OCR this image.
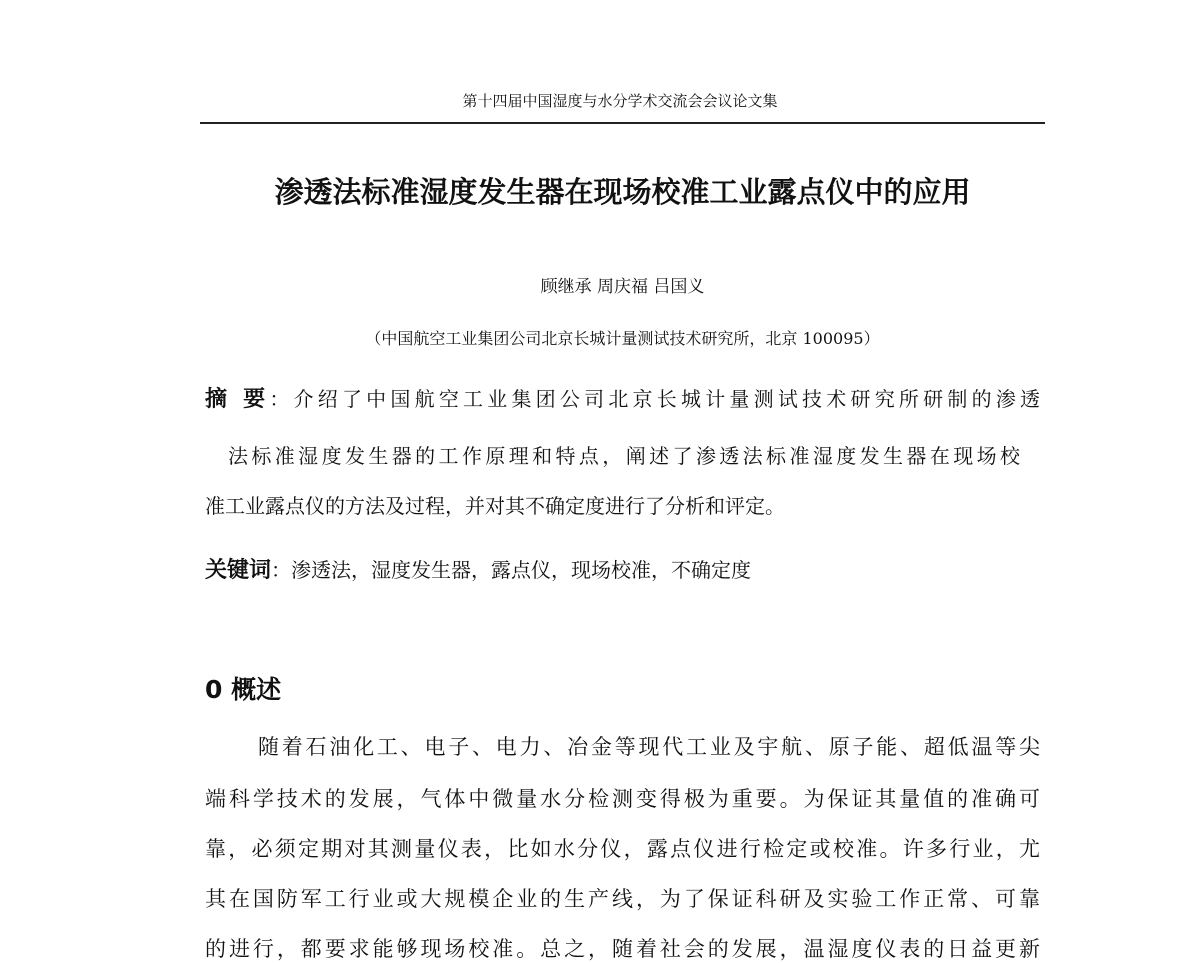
第十四届中国湿度与水分学术交流会会议论文集
渗透法标准湿度发生器在现场校准工业露点仪中的应用
顾继承 周庆福 吕国义
（中国航空工业集团公司北京长城计量测试技术研究所，北京 100095）
摘 要：介绍了中国航空工业集团公司北京长城计量测试技术研究所研制的渗透
法标准湿度发生器的工作原理和特点，阐述了渗透法标准湿度发生器在现场校
准工业露点仪的方法及过程，并对其不确定度进行了分析和评定。
关键词：渗透法，湿度发生器，露点仪，现场校准，不确定度
0 概述
随着石油化工、电子、电力、冶金等现代工业及宇航、原子能、超低温等尖
端科学技术的发展，气体中微量水分检测变得极为重要。为保证其量值的准确可
靠，必须定期对其测量仪表，比如水分仪，露点仪进行检定或校准。许多行业，尤
其在国防军工行业或大规模企业的生产线，为了保证科研及实验工作正常、可靠
的进行，都要求能够现场校准。总之，随着社会的发展，温湿度仪表的日益更新
